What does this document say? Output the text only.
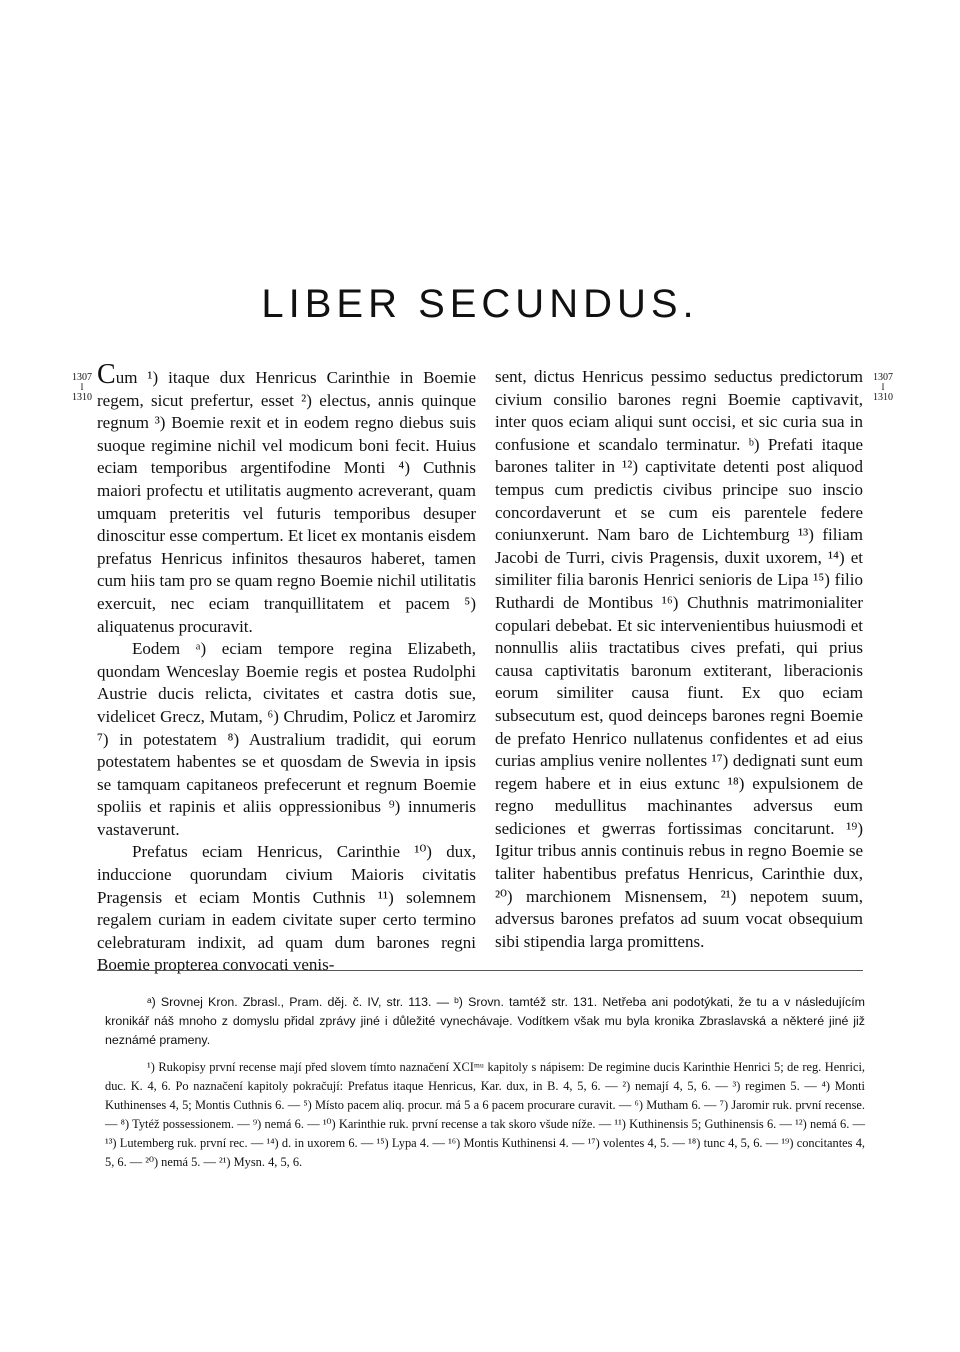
LIBER SECUNDUS.
1307
I
1310
1307
I
1310

Cum ¹) itaque dux Henricus Carinthie in Boemie regem, sicut prefertur, esset ²) electus, annis quinque regnum ³) Boemie rexit et in eodem regno diebus suis suoque regimine nichil vel modicum boni fecit. Huius eciam temporibus argentifodine Monti ⁴) Cuthnis maiori profectu et utilitatis augmento acreverant, quam umquam preteritis vel futuris temporibus desuper dinoscitur esse compertum. Et licet ex montanis eisdem prefatus Henricus infinitos thesauros haberet, tamen cum hiis tam pro se quam regno Boemie nichil utilitatis exercuit, nec eciam tranquillitatem et pacem ⁵) aliquatenus procuravit.

Eodem ᵃ) eciam tempore regina Elizabeth, quondam Wenceslay Boemie regis et postea Rudolphi Austrie ducis relicta, civitates et castra dotis sue, videlicet Grecz, Mutam, ⁶) Chrudim, Policz et Jaromirz ⁷) in potestatem ⁸) Australium tradidit, qui eorum potestatem habentes se et quosdam de Swevia in ipsis se tamquam capitaneos prefecerunt et regnum Boemie spoliis et rapinis et aliis oppressionibus ⁹) innumeris vastaverunt.

Prefatus eciam Henricus, Carinthie ¹⁰) dux, induccione quorundam civium Maioris civitatis Pragensis et eciam Montis Cuthnis ¹¹) solemnem regalem curiam in eadem civitate super certo termino celebraturam indixit, ad quam dum barones regni Boemie propterea convocati venis-

sent, dictus Henricus pessimo seductus predictorum civium consilio barones regni Boemie captivavit, inter quos eciam aliqui sunt occisi, et sic curia sua in confusione et scandalo terminatur. ᵇ) Prefati itaque barones taliter in ¹²) captivitate detenti post aliquod tempus cum predictis civibus principe suo inscio concordaverunt et se cum eis parentele federe coniunxerunt. Nam baro de Lichtemburg ¹³) filiam Jacobi de Turri, civis Pragensis, duxit uxorem, ¹⁴) et similiter filia baronis Henrici senioris de Lipa ¹⁵) filio Ruthardi de Montibus ¹⁶) Chuthnis matrimonialiter copulari debebat. Et sic intervenientibus huiusmodi et nonnullis aliis tractatibus cives prefati, qui prius causa captivitatis baronum extiterant, liberacionis eorum similiter causa fiunt. Ex quo eciam subsecutum est, quod deinceps barones regni Boemie de prefato Henrico nullatenus confidentes et ad eius curias amplius venire nollentes ¹⁷) dedignati sunt eum regem habere et in eius extunc ¹⁸) expulsionem de regno medullitus machinantes adversus eum sediciones et gwerras fortissimas concitarunt. ¹⁹) Igitur tribus annis continuis rebus in regno Boemie se taliter habentibus prefatus Henricus, Carinthie dux, ²⁰) marchionem Misnensem, ²¹) nepotem suum, adversus barones prefatos ad suum vocat obsequium sibi stipendia larga promittens.

ᵃ) Srovnej Kron. Zbrasl., Pram. děj. č. IV, str. 113. — ᵇ) Srovn. tamtéž str. 131. Netřeba ani podotýkati, že tu a v následujícím kronikář náš mnoho z domyslu přidal zprávy jiné i důležité vynechávaje. Vodítkem však mu byla kronika Zbraslavská a některé jiné již neznámé prameny.

¹) Rukopisy první recense mají před slovem tímto naznačení XCIᵐᵘ kapitoly s nápisem: De regimine ducis Karinthie Henrici 5; de reg. Henrici, duc. K. 4, 6. Po naznačení kapitoly pokračují: Prefatus itaque Henricus, Kar. dux, in B. 4, 5, 6. — ²) nemají 4, 5, 6. — ³) regimen 5. — ⁴) Monti Kuthinenses 4, 5; Montis Cuthnis 6. — ⁵) Místo pacem aliq. procur. má 5 a 6 pacem procurare curavit. — ⁶) Mutham 6. — ⁷) Jaromir ruk. první recense. — ⁸) Tytéž possessionem. — ⁹) nemá 6. — ¹⁰) Karinthie ruk. první recense a tak skoro všude níže. — ¹¹) Kuthinensis 5; Guthinensis 6. — ¹²) nemá 6. — ¹³) Lutemberg ruk. první rec. — ¹⁴) d. in uxorem 6. — ¹⁵) Lypa 4. — ¹⁶) Montis Kuthinensi 4. — ¹⁷) volentes 4, 5. — ¹⁸) tunc 4, 5, 6. — ¹⁹) concitantes 4, 5, 6. — ²⁰) nemá 5. — ²¹) Mysn. 4, 5, 6.
